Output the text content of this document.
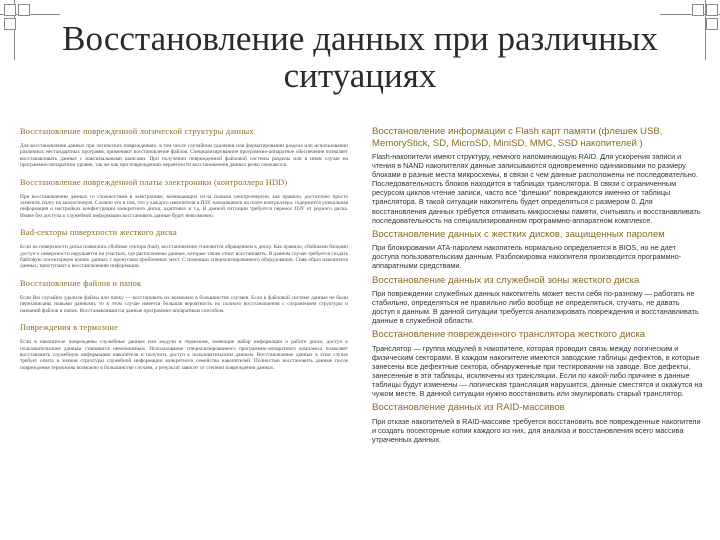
Восстановление данных при различных ситуациях
Восстановление поврежденной логической структуры данных
Для восстановления данных при логических повреждениях, в том числе случайном удалении или форматировании раздела или использовании различных нестандартных программ, применяют восстановление файлов. Специализированное программно-аппаратное обеспечение позволяет восстанавливать данные с максимальными шансами. При получении поврежденной файловой системы разделы или в ином случае на программно-аппаратном уровне, так же как при повреждениях вероятности восстановления данных резко снижаются.
Восстановление поврежденной платы электроники (контроллера HDD)
При восстановлении данных со сложностями в электронике, возникающих из-за скачков электроэнергии, как правило, достаточно просто заменить плату на аналогичную. Сложно это в том, что у каждого накопителя в ПЗУ, находящемся на плате контроллера, содержится уникальная информация о настройках конфигурации конкретного диска, адаптивах и т.д. В данной ситуации требуется перенос ПЗУ от родного диска. Иначе без доступа к служебной информации восстановить данные будет невозможно.
Bad-секторы поверхности жесткого диска
Если на поверхности диска появились сбойные сектора (bad), восстановление становится обращением к диску. Как правило, сбойными блоками доступ к поверхности нарушается на участках, где расположены данные, которые также стоит восстановить. В данном случае требуется создать байтовую посекторную копию данных с пропуском проблемных мест. С помощью специализированного оборудования. Сняв образ накопителя данных, приступают к восстановлению информации.
Восстановление файлов и папок
Если Вы случайно удалили файлы или папку — восстановить их возможно в большинстве случаев. Если в файловой системе данные не были перезаписаны новыми данными, то в этом случае имеется большая вероятность их полного восстановления с сохранением структуры и названий файлов и папок. Восстанавливаются данные программно-аппаратным способом.
Повреждения в термозоне
Если в накопителе повреждены служебные данные или модули в термозоне, имеющие набор информации о работе диска, доступ к пользовательским данным становится невозможным. Использование специализированного программно-аппаратного комплекса позволяет восстановить служебную информацию накопителя и получить доступ к пользовательским данным. Восстановление данных в этом случае требует опыта и знания структуры служебной информации конкретного семейства накопителей. Полностью восстановить данные после повреждения термозоны возможно в большинстве случаев, а результат зависит от степени повреждения данных.
Восстановление информации с Flash карт памяти (флешек USB, MemoryStick, SD, MicroSD, MiniSD, MMC, SSD накопителей )
Flash-накопители имеют структуру, немного напоминающую RAID. Для ускорения записи и чтения в NAND накопителях данные записываются одновременно одинаковыми по размеру блоками в разные места микросхемы, в связи с чем данные расположены не последовательно. Последовательность блоков находится в таблицах транслятора. В связи с ограниченным ресурсом циклов чтение записи, часто все "флешки" повреждаются именно от таблицы транслятора. В такой ситуации накопитель будет определяться с размером 0. Для восстановления данных требуется отпаивать микросхемы памяти, считывать и восстанавливать последовательность на специализированном программно-аппаратном комплексе.
Восстановление данных с жестких дисков, защищенных паролем
При блокировании ATA-паролем накопитель нормально определяется в BIOS, но не дает доступа пользовательским данным. Разблокировка накопителя производится программно-аппаратными средствами.
Восстановление данных из служебной зоны жесткого диска
При повреждении служебных данных накопитель может вести себя по-разному — работать не стабильно, определяться не правильно либо вообще не определяться, стучать, не давать доступ к данным. В данной ситуации требуется анализировать повреждения и восстанавливать данные в служебной области.
Восстановление поврежденного транслятора жесткого диска
Транслятор — группа модулей в накопителе, которая проводит связь между логическим и физическим секторами. В каждом накопителе имеются заводские таблицы дефектов, в которые занесены все дефектные сектора, обнаруженные при тестировании на заводе. Все дефекты, занесенные в эти таблицы, исключены из трансляции. Если по какой-либо причине в данные таблицы будут изменены — логическая трансляция нарушится, данные сместятся и окажутся на чужом месте. В данной ситуации нужно восстановить или эмулировать старый транслятор.
Восстановление данных из RAID-массивов
При отказе накопителей в RAID-массиве требуется восстановить все поврежденные накопители и создать посекторные копии каждого из них, для анализа и восстановления всего массива утраченных данных.
